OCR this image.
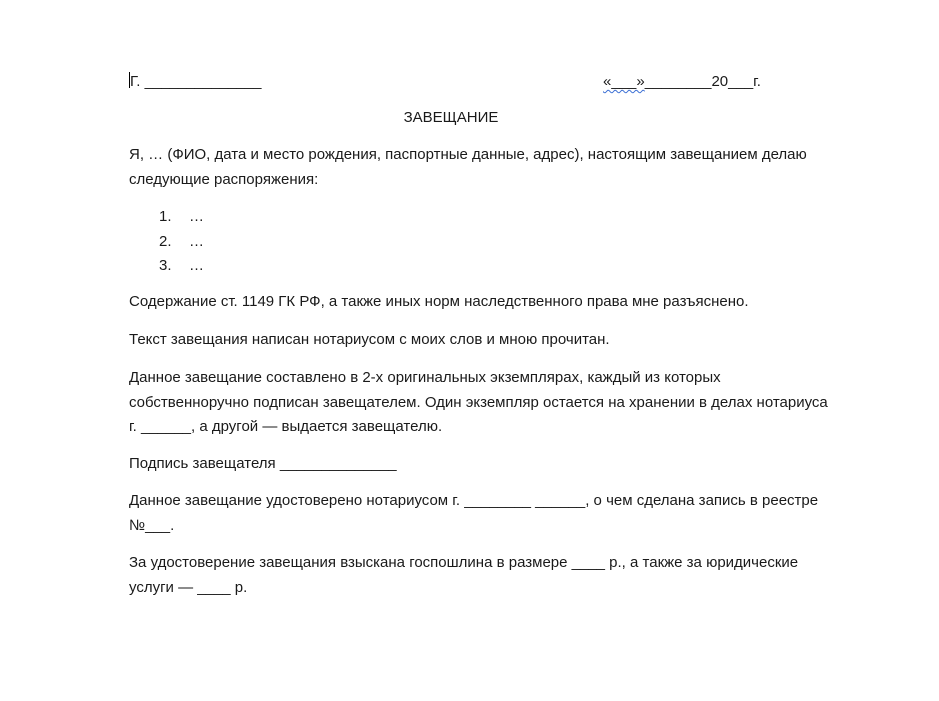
Г. ______________	«___»________20___г.
ЗАВЕЩАНИЕ
Я, … (ФИО, дата и место рождения, паспортные данные, адрес), настоящим завещанием делаю
следующие распоряжения:
1. …
2. …
3. …
Содержание ст. 1149 ГК РФ, а также иных норм наследственного права мне разъяснено.
Текст завещания написан нотариусом с моих слов и мною прочитан.
Данное завещание составлено в 2-х оригинальных экземплярах, каждый из которых
собственноручно подписан завещателем. Один экземпляр остается на хранении в делах нотариуса
г. ______, а другой — выдается завещателю.
Подпись завещателя ______________
Данное завещание удостоверено нотариусом г. ________ ______, о чем сделана запись в реестре
№___.
За удостоверение завещания взыскана госпошлина в размере ____ р., а также за юридические
услуги — ____ р.
